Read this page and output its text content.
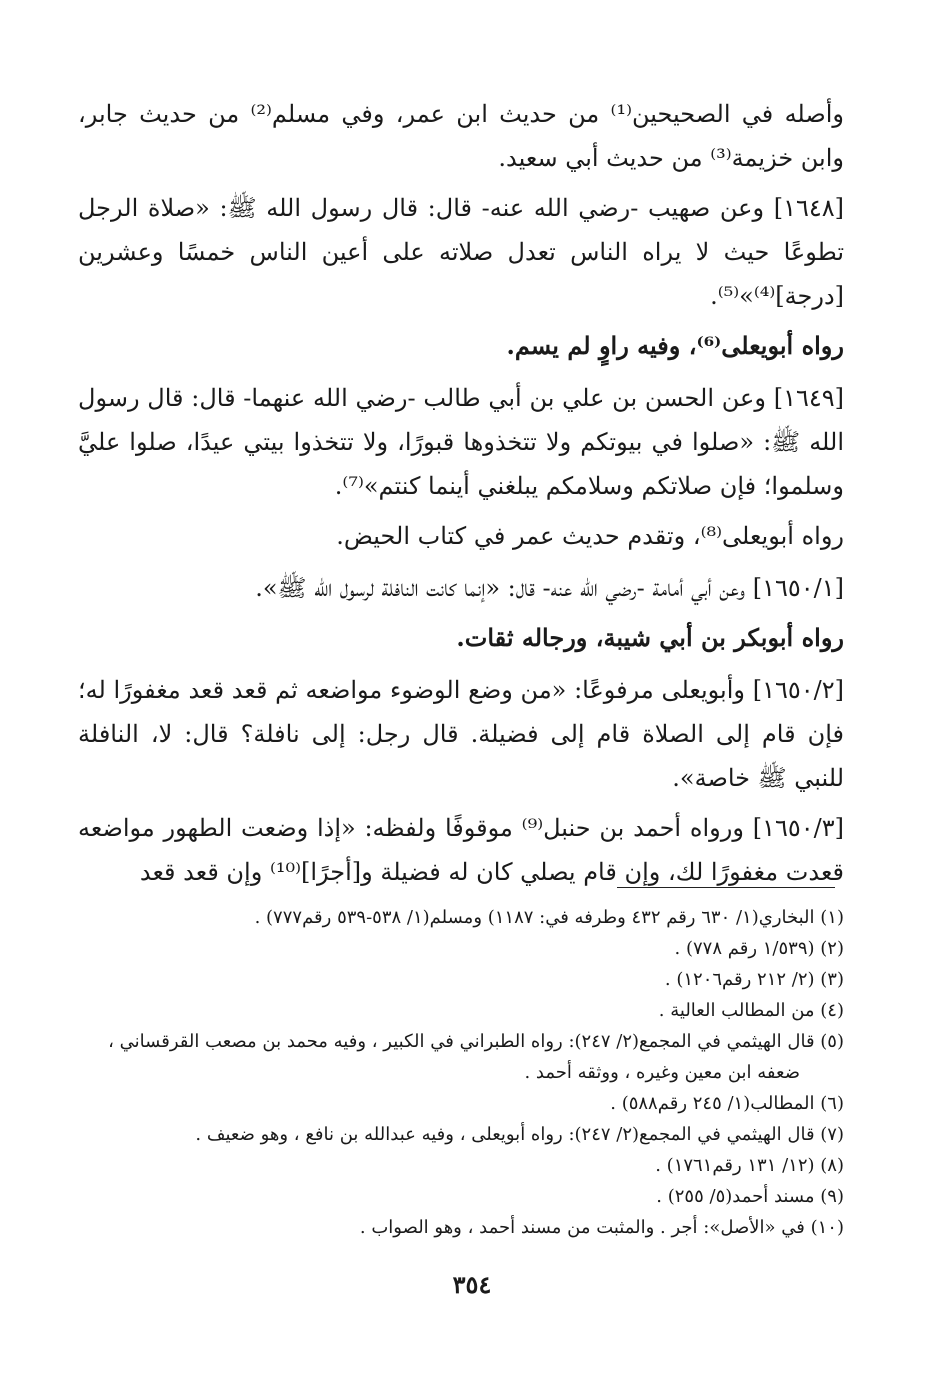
وأصله في الصحيحين⁽¹⁾ من حديث ابن عمر، وفي مسلم⁽²⁾ من حديث جابر، وابن خزيمة⁽³⁾ من حديث أبي سعيد.

[١٦٤٨] وعن صهيب -رضي الله عنه- قال: قال رسول الله ﷺ: «صلاة الرجل تطوعًا حيث لا يراه الناس تعدل صلاته على أعين الناس خمسًا وعشرين [درجة]⁽⁴⁾»⁽⁵⁾.

رواه أبويعلى⁽⁶⁾، وفيه راوٍ لم يسم.

[١٦٤٩] وعن الحسن بن علي بن أبي طالب -رضي الله عنهما- قال: قال رسول الله ﷺ: «صلوا في بيوتكم ولا تتخذوها قبورًا، ولا تتخذوا بيتي عيدًا، صلوا عليَّ وسلموا؛ فإن صلاتكم وسلامكم يبلغني أينما كنتم»⁽⁷⁾.

رواه أبويعلى⁽⁸⁾، وتقدم حديث عمر في كتاب الحيض.

[١٦٥٠/١] وعن أبي أمامة -رضي الله عنه- قال: «إنما كانت النافلة لرسول الله ﷺ».

رواه أبوبكر بن أبي شيبة، ورجاله ثقات.

[١٦٥٠/٢] وأبويعلى مرفوعًا: «من وضع الوضوء مواضعه ثم قعد قعد مغفورًا له؛ فإن قام إلى الصلاة قام إلى فضيلة. قال رجل: إلى نافلة؟ قال: لا، النافلة للنبي ﷺ خاصة».

[١٦٥٠/٣] ورواه أحمد بن حنبل⁽⁹⁾ موقوفًا ولفظه: «إذا وضعت الطهور مواضعه قعدت مغفورًا لك، وإن قام يصلي كان له فضيلة و[أجرًا]⁽¹⁰⁾ وإن قعد قعد

(١) البخاري(١/ ٦٣٠ رقم ٤٣٢ وطرفه في: ١١٨٧) ومسلم(١/ ٥٣٨-٥٣٩ رقم٧٧٧) .
(٢) (١/٥٣٩ رقم ٧٧٨) .
(٣) (٢/ ٢١٢ رقم١٢٠٦) .
(٤) من المطالب العالية .
(٥) قال الهيثمي في المجمع(٢/ ٢٤٧): رواه الطبراني في الكبير ، وفيه محمد بن مصعب القرقساني ،
ضعفه ابن معين وغيره ، ووثقه أحمد .
(٦) المطالب(١/ ٢٤٥ رقم٥٨٨) .
(٧) قال الهيثمي في المجمع(٢/ ٢٤٧): رواه أبويعلى ، وفيه عبدالله بن نافع ، وهو ضعيف .
(٨) (١٢/ ١٣١ رقم١٧٦١) .
(٩) مسند أحمد(٥/ ٢٥٥) .
(١٠) في «الأصل»: أجر . والمثبت من مسند أحمد ، وهو الصواب .
٣٥٤
